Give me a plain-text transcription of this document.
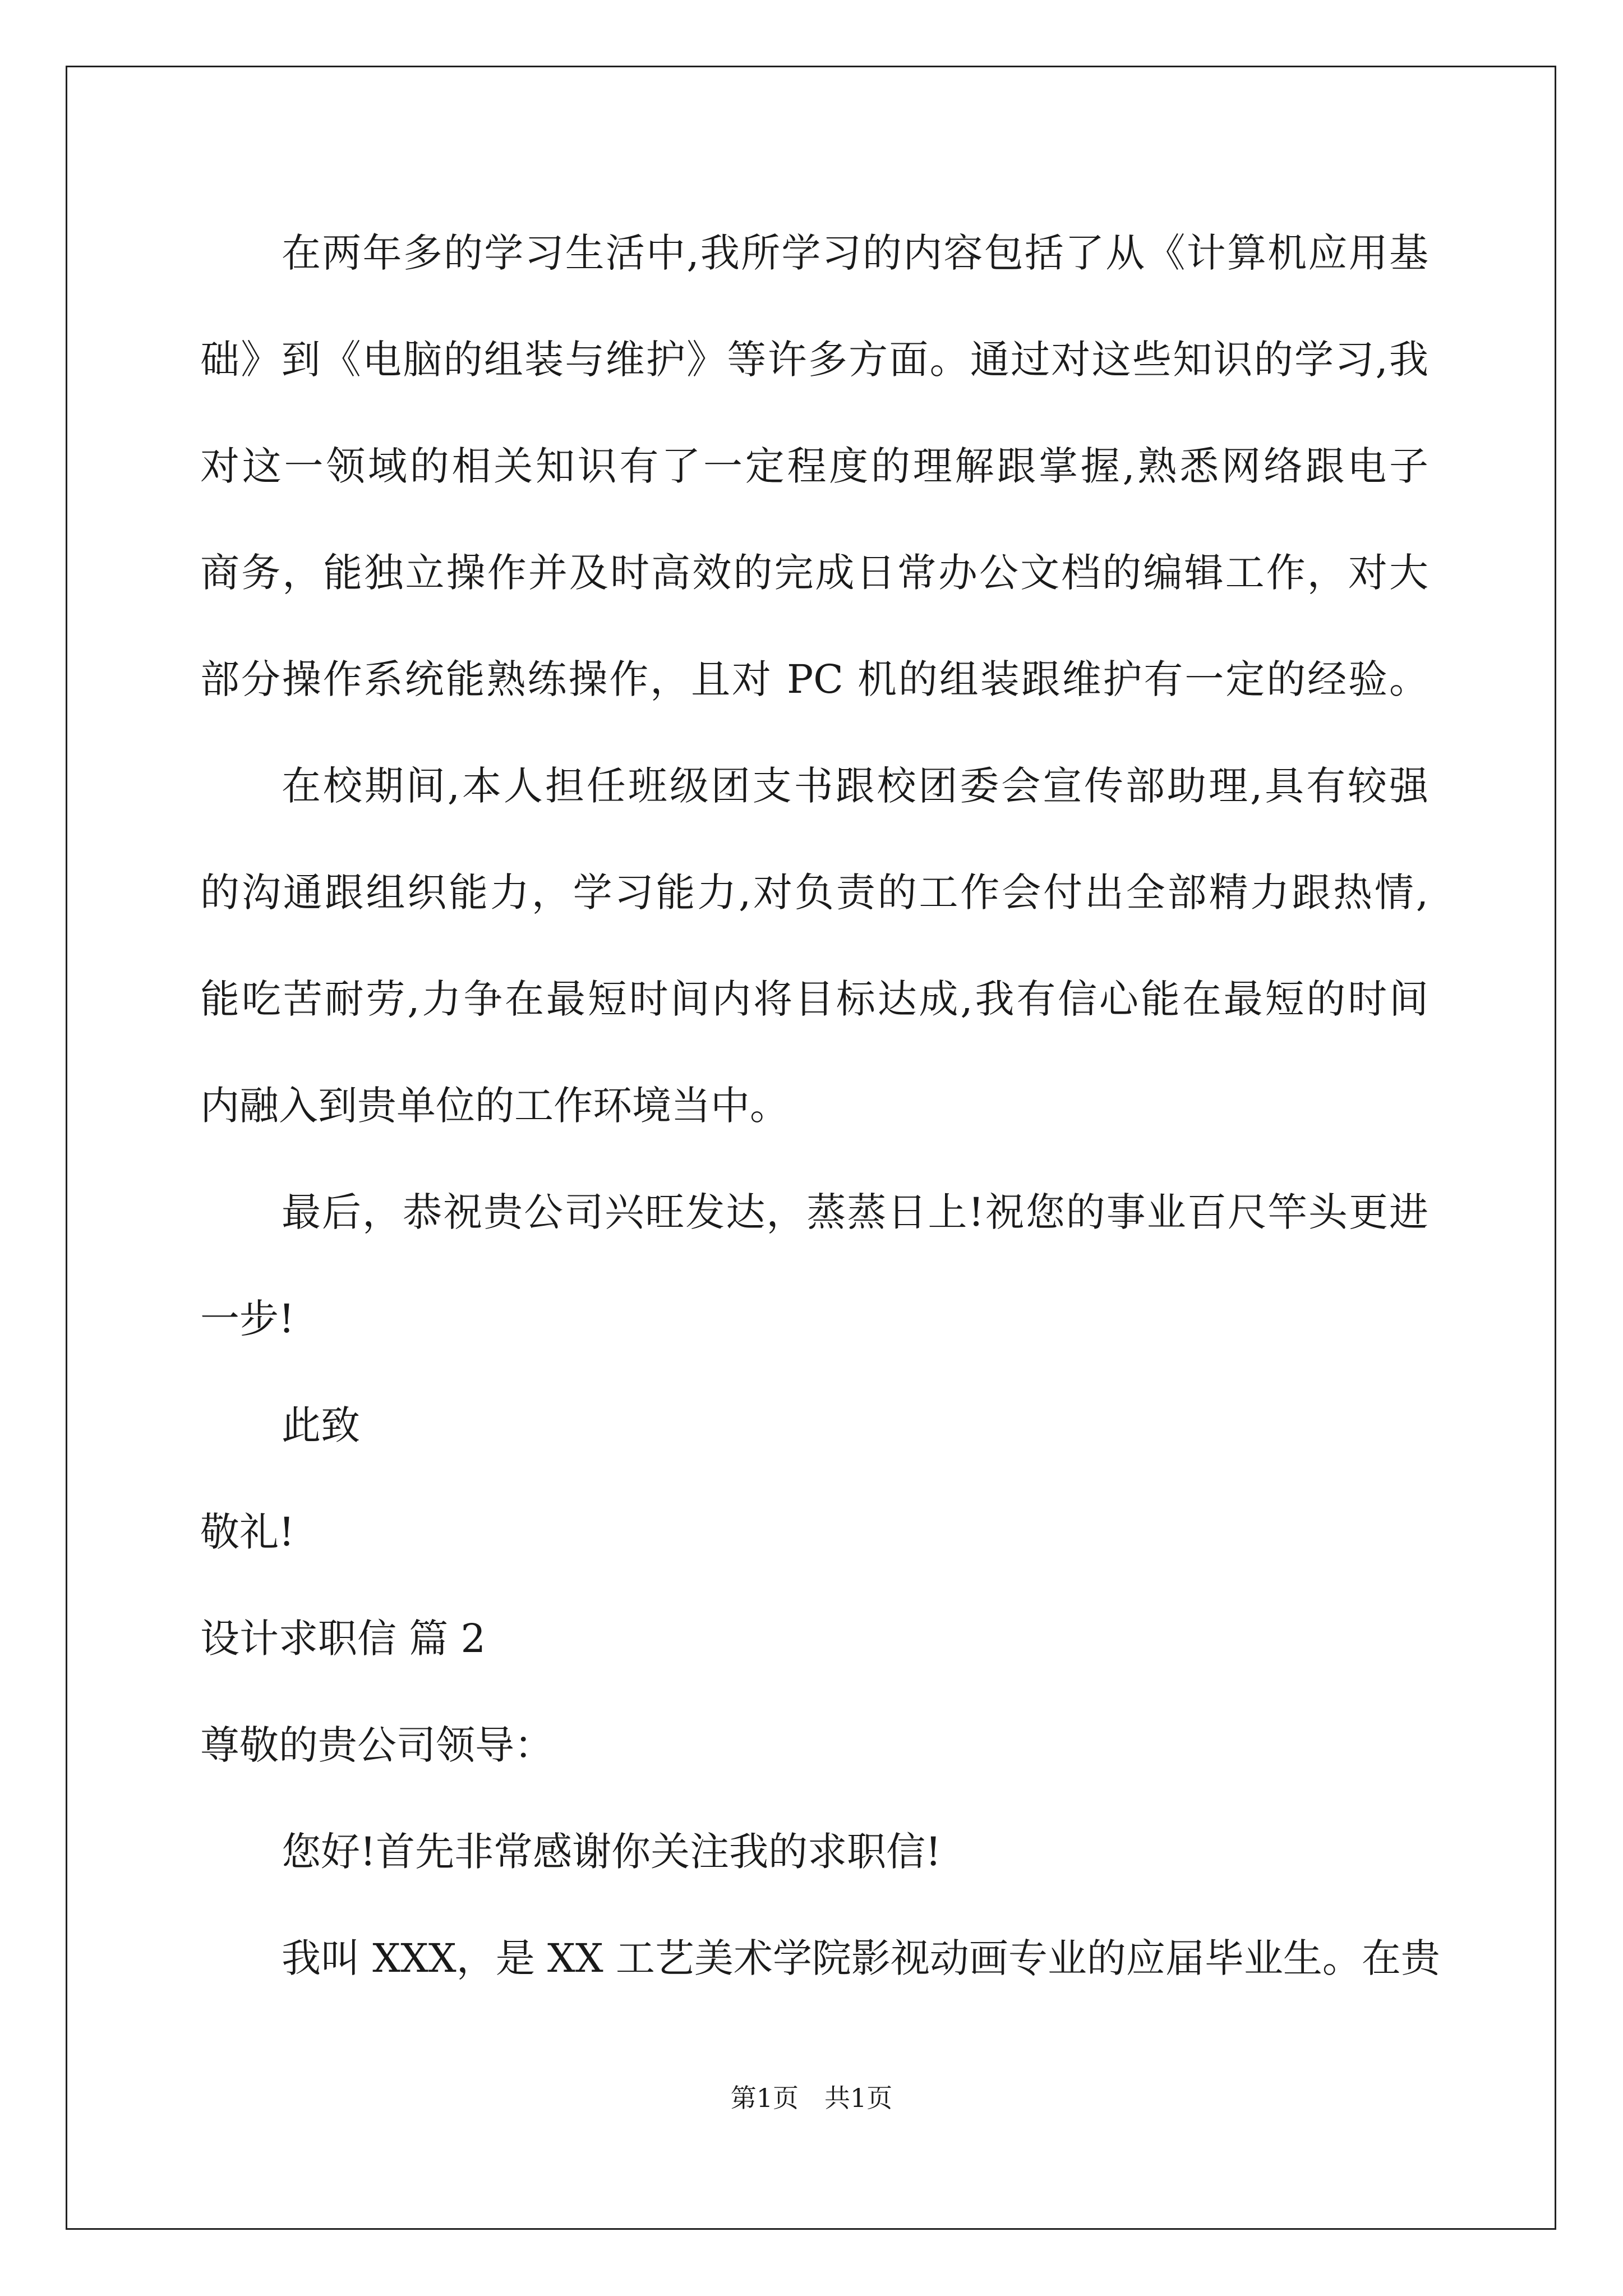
在两年多的学习生活中,我所学习的内容包括了从《计算机应用基
础》到《电脑的组装与维护》等许多方面。通过对这些知识的学习,我
对这一领域的相关知识有了一定程度的理解跟掌握,熟悉网络跟电子
商务，能独立操作并及时高效的完成日常办公文档的编辑工作，对大
部分操作系统能熟练操作，且对 PC 机的组装跟维护有一定的经验。
在校期间,本人担任班级团支书跟校团委会宣传部助理,具有较强
的沟通跟组织能力，学习能力,对负责的工作会付出全部精力跟热情,
能吃苦耐劳,力争在最短时间内将目标达成,我有信心能在最短的时间
内融入到贵单位的工作环境当中。
最后，恭祝贵公司兴旺发达，蒸蒸日上!祝您的事业百尺竿头更进
一步!
此致
敬礼!
设计求职信 篇 2
尊敬的贵公司领导：
您好!首先非常感谢你关注我的求职信!
我叫 XXX，是 XX 工艺美术学院影视动画专业的应届毕业生。在贵
第1页　共1页
